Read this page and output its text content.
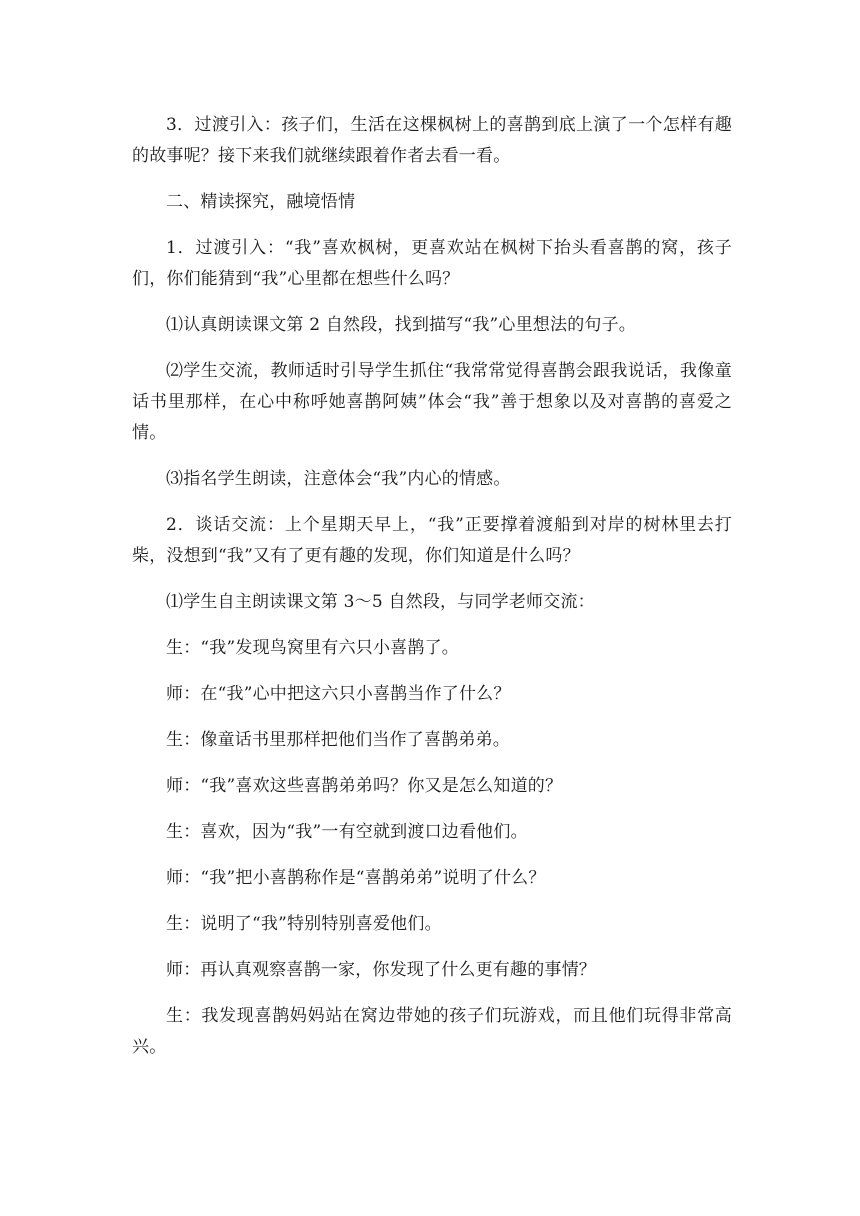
3．过渡引入：孩子们，生活在这棵枫树上的喜鹊到底上演了一个怎样有趣的故事呢？接下来我们就继续跟着作者去看一看。

二、精读探究，融境悟情

1．过渡引入：“我”喜欢枫树，更喜欢站在枫树下抬头看喜鹊的窝，孩子们，你们能猜到“我”心里都在想些什么吗？

⑴认真朗读课文第 2 自然段，找到描写“我”心里想法的句子。

⑵学生交流，教师适时引导学生抓住“我常常觉得喜鹊会跟我说话，我像童话书里那样，在心中称呼她喜鹊阿姨”体会“我”善于想象以及对喜鹊的喜爱之情。

⑶指名学生朗读，注意体会“我”内心的情感。

2．谈话交流：上个星期天早上，“我”正要撑着渡船到对岸的树林里去打柴，没想到“我”又有了更有趣的发现，你们知道是什么吗？

⑴学生自主朗读课文第 3～5 自然段，与同学老师交流：

生：“我”发现鸟窝里有六只小喜鹊了。

师：在“我”心中把这六只小喜鹊当作了什么？

生：像童话书里那样把他们当作了喜鹊弟弟。

师：“我”喜欢这些喜鹊弟弟吗？你又是怎么知道的？

生：喜欢，因为“我”一有空就到渡口边看他们。

师：“我”把小喜鹊称作是“喜鹊弟弟”说明了什么？

生：说明了“我”特别特别喜爱他们。

师：再认真观察喜鹊一家，你发现了什么更有趣的事情？

生：我发现喜鹊妈妈站在窝边带她的孩子们玩游戏，而且他们玩得非常高兴。
